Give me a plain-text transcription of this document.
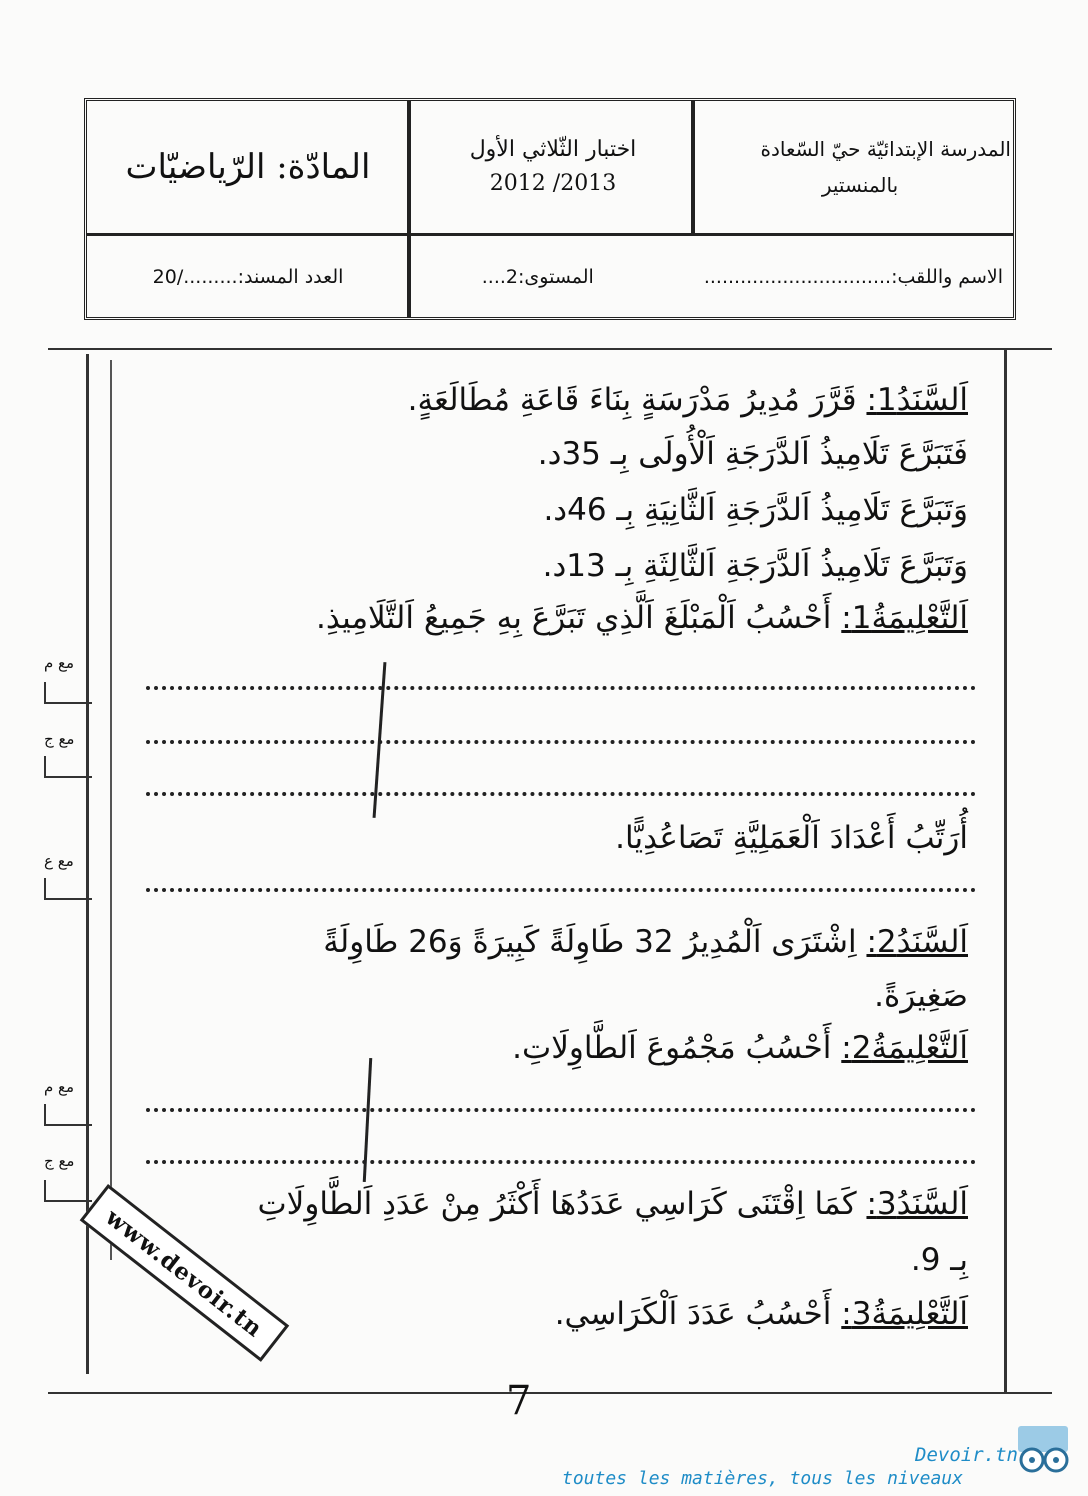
المادّة: الرّياضيّات	اختبار الثّلاثي الأول
2013/ 2012
المدرسة الإبتدائيّة حيّ السّعادة
بالمنستير
العدد المسند:........./20	الاسم واللقب:...............................
المستوى:2....
اَلسَّنَدُ1: قَرَّرَ مُدِيرُ مَدْرَسَةٍ بِنَاءَ قَاعَةِ مُطَالَعَةٍ.
فَتَبَرَّعَ تَلَامِيذُ اَلدَّرَجَةِ اَلْأُولَى بِـ 35د.
وَتَبَرَّعَ تَلَامِيذُ اَلدَّرَجَةِ اَلثَّانِيَةِ بِـ 46د.
وَتَبَرَّعَ تَلَامِيذُ اَلدَّرَجَةِ اَلثَّالِثَةِ بِـ 13د.
اَلتَّعْلِيمَةُ1: أَحْسُبُ اَلْمَبْلَغَ اَلَّذِي تَبَرَّعَ بِهِ جَمِيعُ اَلتَّلَامِيذِ.
أُرَتِّبُ أَعْدَادَ اَلْعَمَلِيَّةِ تَصَاعُدِيًّا.
اَلسَّنَدُ2: اِشْتَرَى اَلْمُدِيرُ 32 طَاوِلَةً كَبِيرَةً وَ26 طَاوِلَةً
صَغِيرَةً.
اَلتَّعْلِيمَةُ2: أَحْسُبُ مَجْمُوعَ اَلطَّاوِلَاتِ.
اَلسَّنَدُ3: كَمَا اِقْتَنَى كَرَاسِي عَدَدُهَا أَكْثَرُ مِنْ عَدَدِ اَلطَّاوِلَاتِ
بِـ 9.
اَلتَّعْلِيمَةُ3: أَحْسُبُ عَدَدَ اَلْكَرَاسِي.
مع م
مع ج
مع ع
مع م
مع ج
www.devoir.tn
7
Devoir.tn
toutes les matières, tous les niveaux
